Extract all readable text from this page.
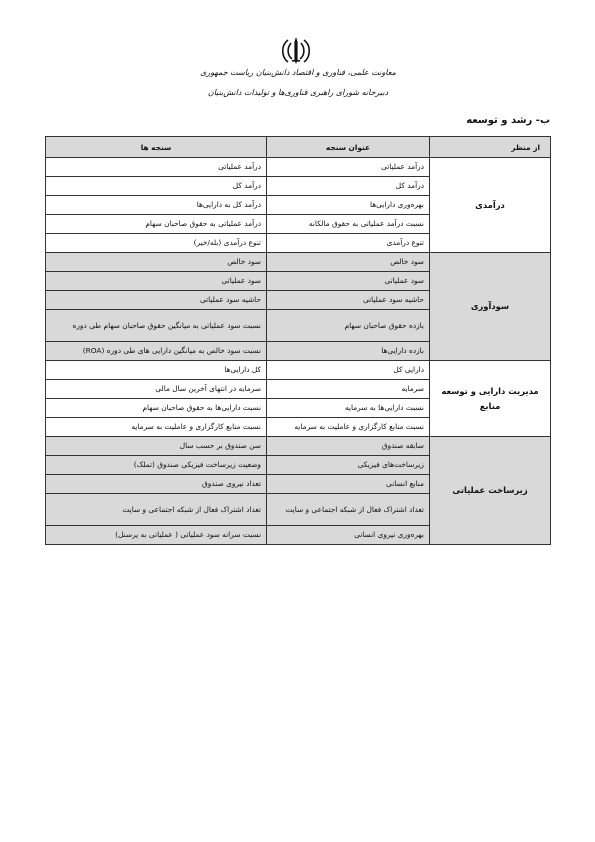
معاونت علمی، فناوری و اقتصاد دانش‌بنیان ریاست جمهوری
دبیرخانه شورای راهبری فناوری‌ها و تولیدات دانش‌بنیان
ب- رشد و توسعه
از منظر	عنوان سنجه	سنجه ها
درآمدی	درآمد عملیاتی	درآمد عملیاتی
	درآمد کل	درآمد کل
	بهره‌وری دارایی‌ها	درآمد کل به دارایی‌ها
	نسبت درآمد عملیاتی به حقوق مالکانه	درآمد عملیاتی به حقوق صاحبان سهام
	تنوع درآمدی	تنوع درآمدی (بله/خیر)
سودآوری	سود خالص	سود خالص
	سود عملیاتی	سود عملیاتی
	حاشیه سود عملیاتی	حاشیه سود عملیاتی
	بازده حقوق صاحبان سهام	نسبت سود عملیاتی به میانگین حقوق صاحبان سهام طی دوره
	بازده دارایی‌ها	نسبت سود خالص به میانگین دارایی های طی دوره (ROA)
مدیریت دارایی و توسعه منابع	دارایی کل	کل دارایی‌ها
	سرمایه	سرمایه در انتهای آخرین سال مالی
	نسبت دارایی‌ها به سرمایه	نسبت دارایی‌ها به حقوق صاحبان سهام
	نسبت منابع کارگزاری و عاملیت به سرمایه	نسبت منابع کارگزاری و عاملیت به سرمایه
زیرساخت عملیاتی	سابقه صندوق	سن صندوق بر حسب سال
	زیرساخت‌های فیزیکی	وضعیت زیرساخت فیزیکی صندوق (تملک)
	منابع انسانی	تعداد نیروی صندوق
	تعداد اشتراک فعال از شبکه اجتماعی و سایت	تعداد اشتراک فعال از شبکه اجتماعی و سایت
	بهره‌وری نیروی انسانی	نسبت سرانه سود عملیاتی ( عملیاتی به پرسنل)
